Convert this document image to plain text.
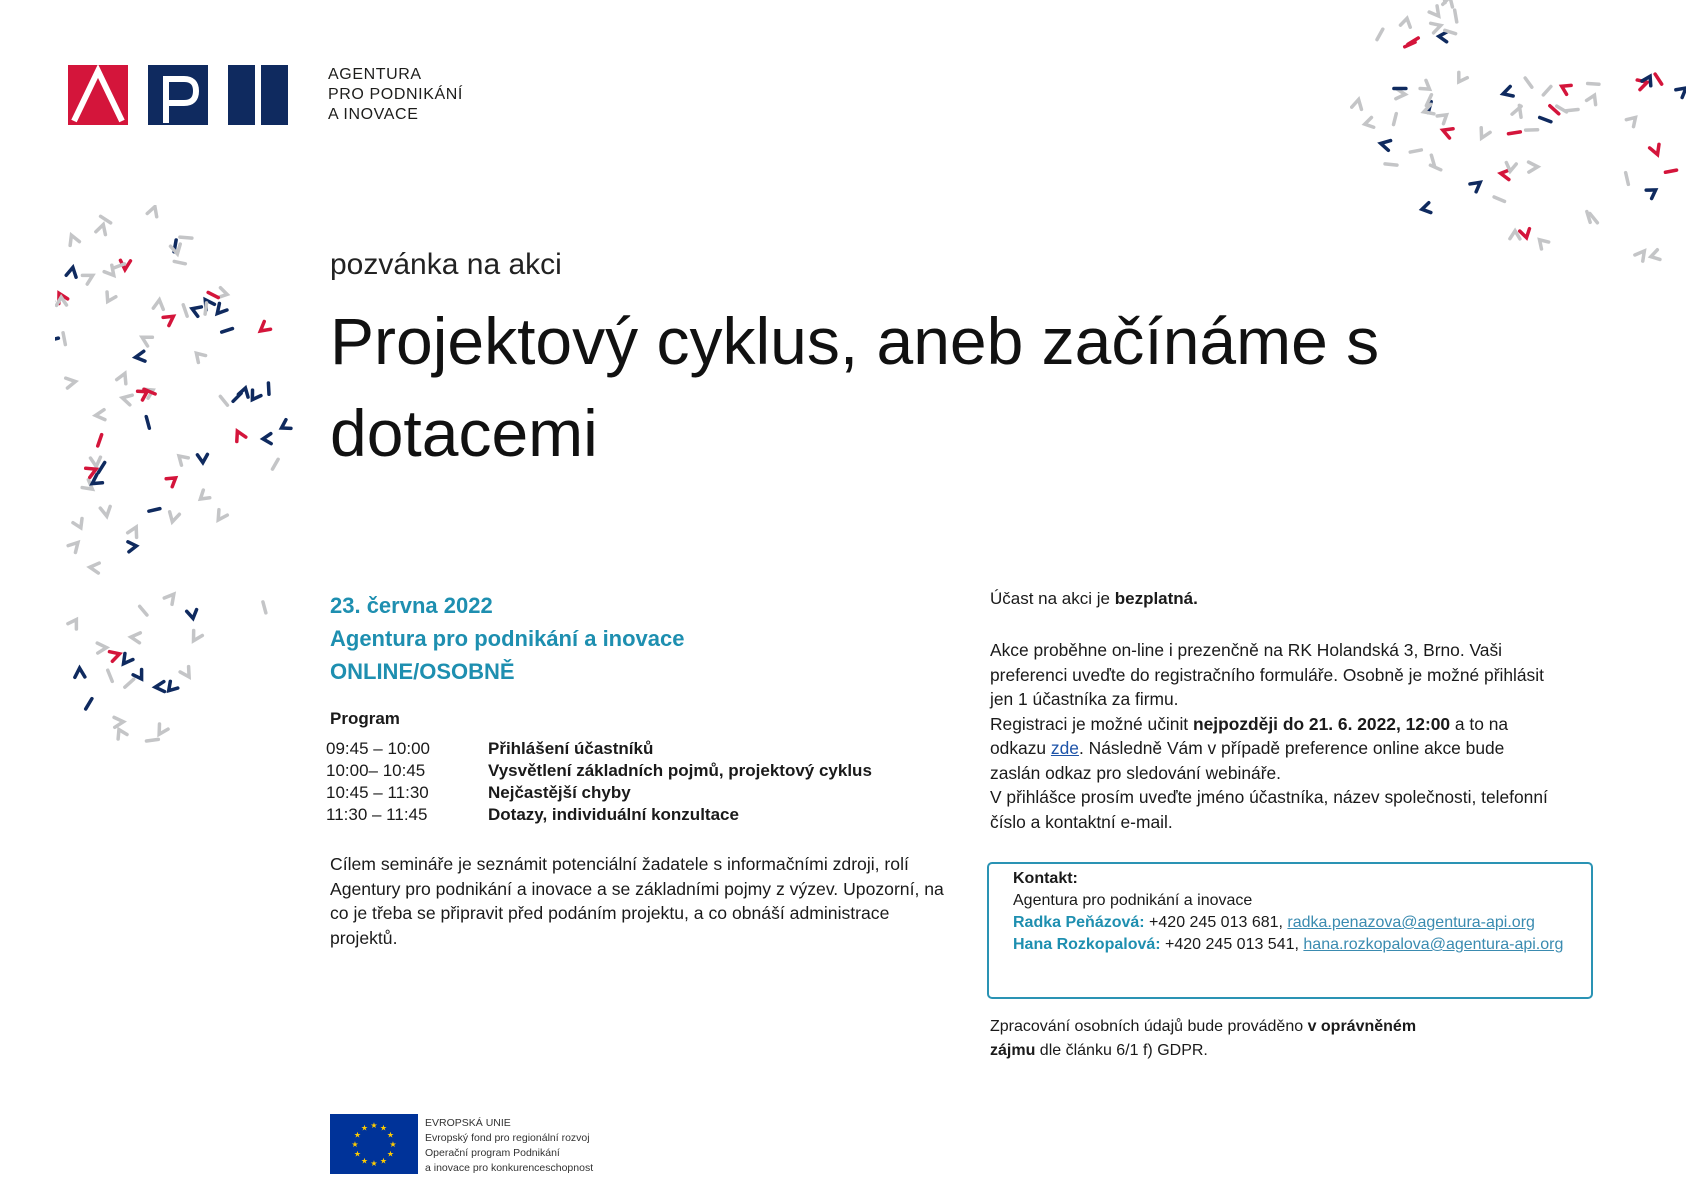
AGENTURA
PRO PODNIKÁNÍ
A INOVACE
pozvánka na akci
Projektový cyklus, aneb začínáme s dotacemi
23. června 2022
Agentura pro podnikání a inovace
ONLINE/OSOBNĚ
Program
09:45 – 10:00	Přihlášení účastníků
10:00– 10:45	Vysvětlení základních pojmů, projektový cyklus
10:45 – 11:30	Nejčastější chyby
11:30 – 11:45	Dotazy, individuální konzultace
Cílem semináře je seznámit potenciální žadatele s informačními zdroji, rolí Agentury pro podnikání a inovace a se základními pojmy z výzev. Upozorní, na co je třeba se připravit před podáním projektu, a co obnáší administrace projektů.
Účast na akci je bezplatná.
Akce proběhne on-line i prezenčně na RK Holandská 3, Brno. Vaši preferenci uveďte do registračního formuláře. Osobně je možné přihlásit jen 1 účastníka za firmu.
Registraci je možné učinit nejpozději do 21. 6. 2022, 12:00 a to na odkazu zde. Následně Vám v případě preference online akce bude zaslán odkaz pro sledování webináře.
V přihlášce prosím uveďte jméno účastníka, název společnosti, telefonní číslo a kontaktní e-mail.
Kontakt:
Agentura pro podnikání a inovace
Radka Peňázová: +420 245 013 681, radka.penazova@agentura-api.org
Hana Rozkopalová: +420 245 013 541, hana.rozkopalova@agentura-api.org
Zpracování osobních údajů bude prováděno v oprávněném
zájmu dle článku 6/1 f) GDPR.
★ ★
★
★
★
★
★
★
★
★
★
★	EVROPSKÁ UNIE
Evropský fond pro regionální rozvoj
Operační program Podnikání
a inovace pro konkurenceschopnost
